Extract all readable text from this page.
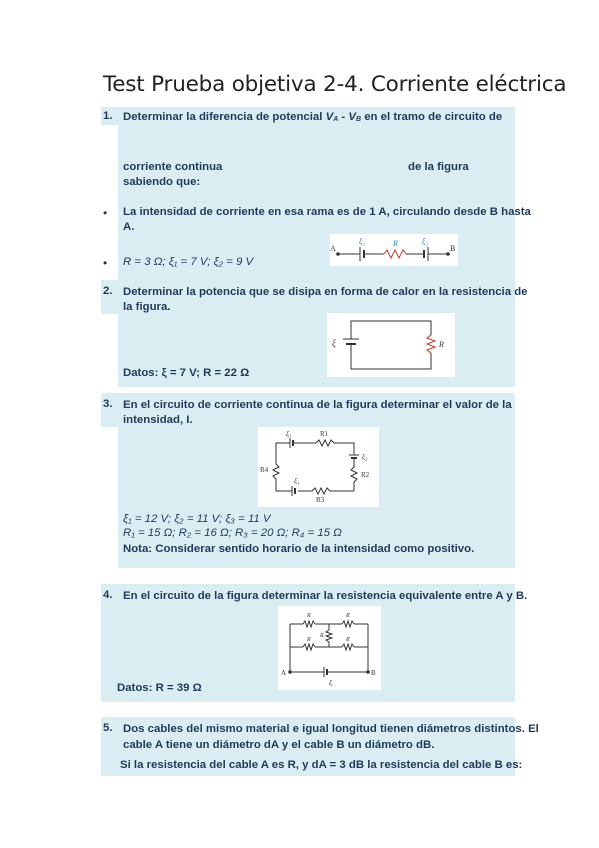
Test Prueba objetiva 2-4. Corriente eléctrica
1. Determinar la diferencia de potencial $V_A - V_B$ en el tramo de circuito de
corriente continua	de la figura
sabiendo que:
• La intensidad de corriente en esa rama es de 1 A, circulando desde B hasta
A.
• R = 3 Ω; ξ₁ = 7 V; ξ₂ = 9 V
A	B
ξ₁	R	ξ₂
2. Determinar la potencia que se disipa en forma de calor en la resistencia de
la figura.
Datos: ξ = 7 V; R = 22 Ω
ξ	R
3. En el circuito de corriente continua de la figura determinar el valor de la
intensidad, I.
ξ₁ = 12 V; ξ₂ = 11 V; ξ₃ = 11 V
R₁ = 15 Ω; R₂ = 16 Ω; R₃ = 20 Ω; R₄ = 15 Ω
Nota: Considerar sentido horario de la intensidad como positivo.
ξ₁	R1
ξ₂
R2
ξ₃
R3
R4
4. En el circuito de la figura determinar la resistencia equivalente entre A y B.
Datos: R = 39 Ω
R	R
R
R	R
A	B
ξ
5. Dos cables del mismo material e igual longitud tienen diámetros distintos. El
cable A tiene un diámetro dA y el cable B un diámetro dB.
Si la resistencia del cable A es R, y dA = 3 dB la resistencia del cable B es:
